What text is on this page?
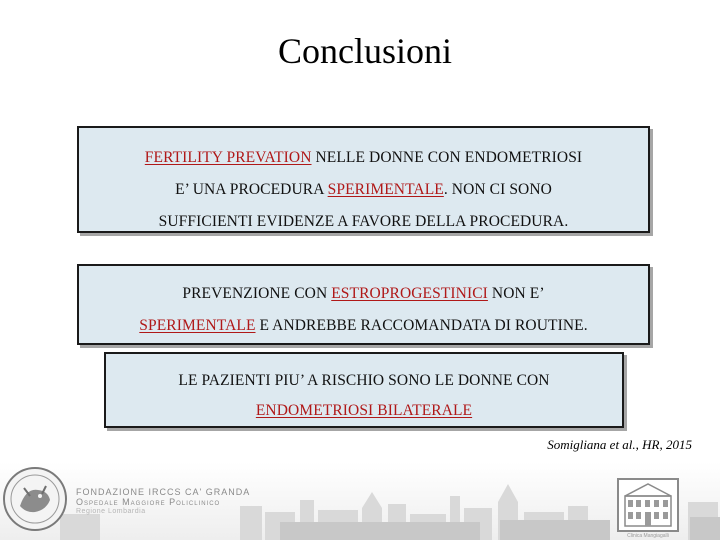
Conclusioni

FERTILITY PREVATION NELLE DONNE CON ENDOMETRIOSI

E’ UNA PROCEDURA SPERIMENTALE. NON CI SONO

SUFFICIENTI EVIDENZE A FAVORE DELLA PROCEDURA.

PREVENZIONE CON ESTROPROGESTINICI NON E’

SPERIMENTALE E ANDREBBE RACCOMANDATA DI ROUTINE.

LE PAZIENTI PIU’ A RISCHIO SONO LE DONNE CON

ENDOMETRIOSI BILATERALE

Somigliana et al., HR, 2015
FONDAZIONE IRCCS CA' GRANDA
Ospedale Maggiore Policlinico
Regione Lombardia
Clinica Mangiagalli
